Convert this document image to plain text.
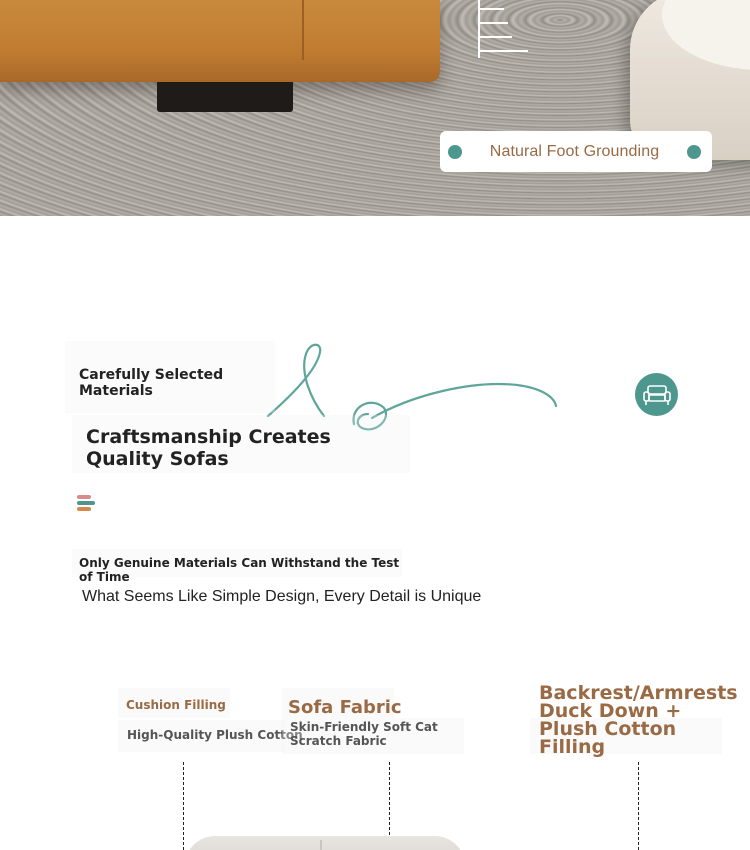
Natural Foot Grounding
Carefully Selected Materials
Craftsmanship Creates Quality Sofas
Only Genuine Materials Can Withstand the Test of Time
What Seems Like Simple Design, Every Detail is Unique
Cushion Filling
High-Quality Plush Cotton
Sofa Fabric
Skin-Friendly Soft Cat Scratch Fabric
Backrest/Armrests Duck Down + Plush Cotton Filling
